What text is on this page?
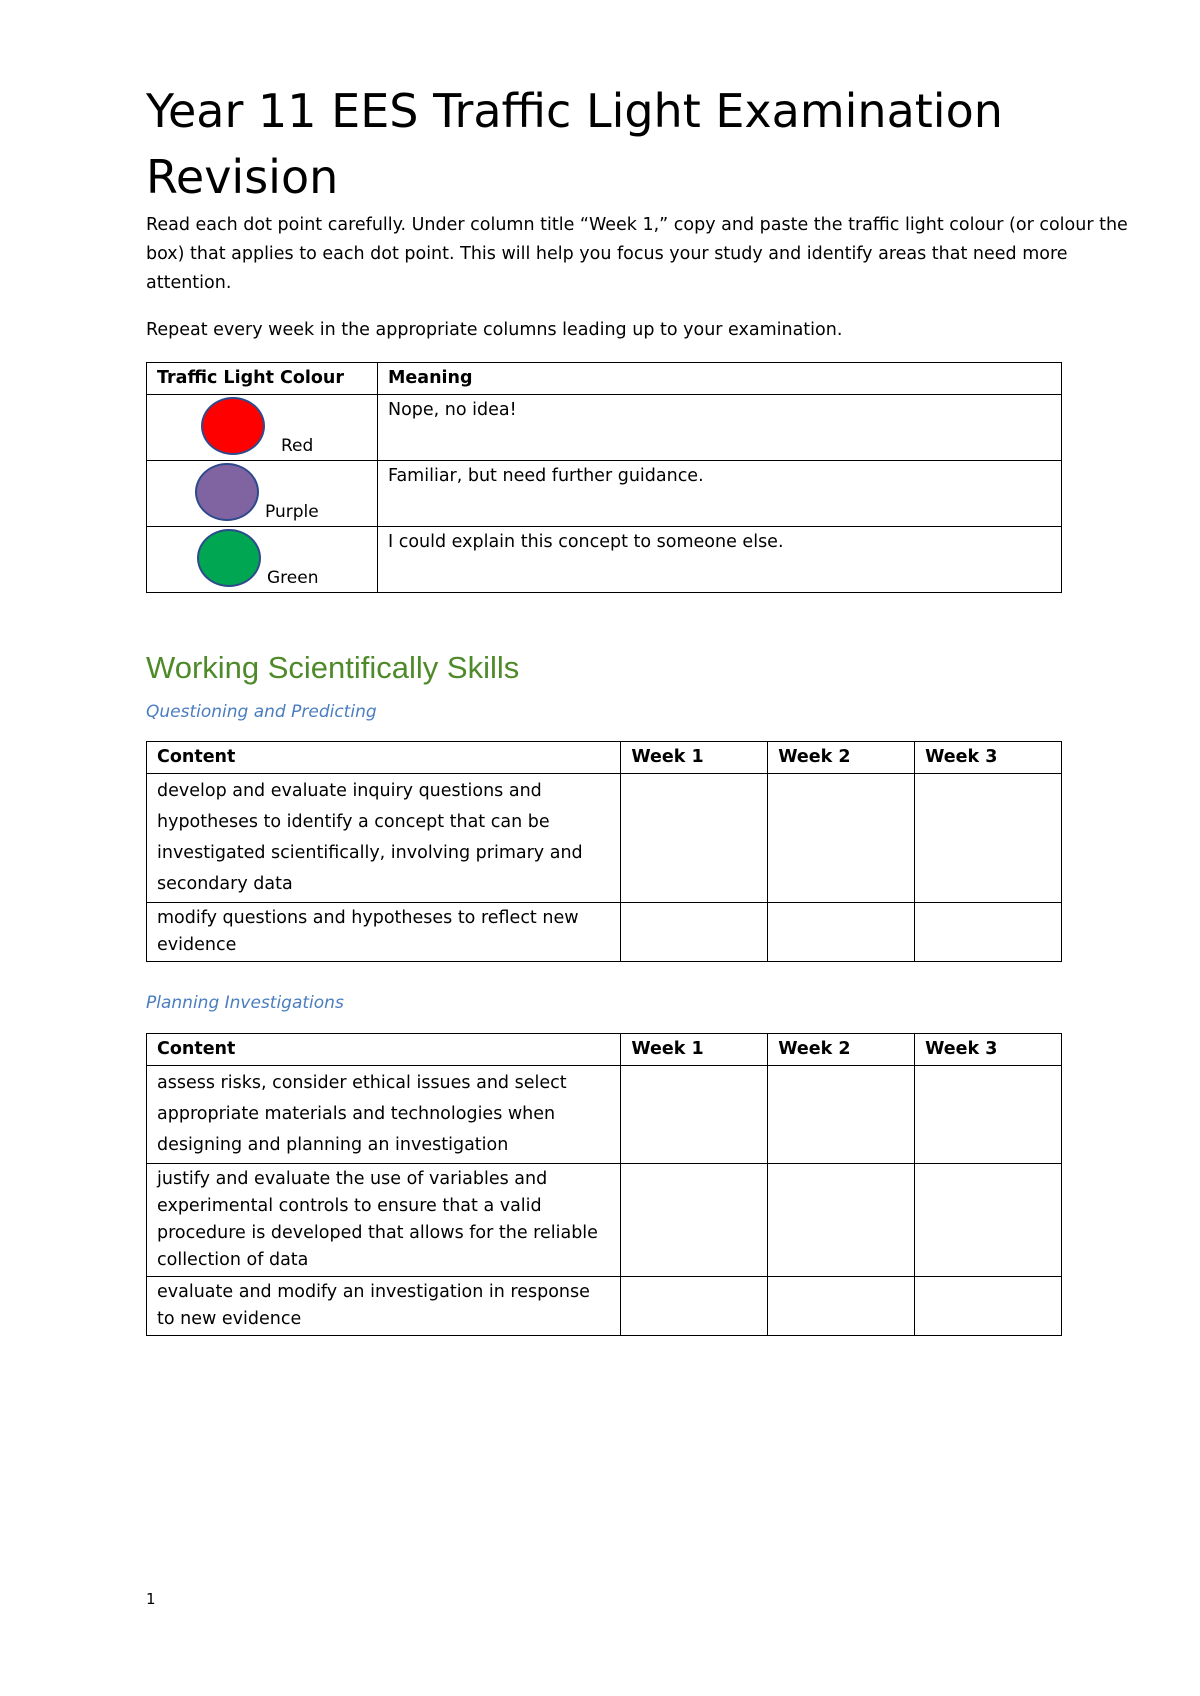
Year 11 EES Traffic Light Examination Revision

Read each dot point carefully. Under column title “Week 1,” copy and paste the traffic light colour (or colour the box) that applies to each dot point. This will help you focus your study and identify areas that need more attention.

Repeat every week in the appropriate columns leading up to your examination.

Traffic Light Colour	Meaning

Red	Nope, no idea!

Purple	Familiar, but need further guidance.

Green	I could explain this concept to someone else.
Working Scientifically Skills
Questioning and Predicting
Content	Week 1	Week 2	Week 3
develop and evaluate inquiry questions and hypotheses to identify a concept that can be investigated scientifically, involving primary and secondary data			
modify questions and hypotheses to reflect new evidence			
Planning Investigations
Content	Week 1	Week 2	Week 3
assess risks, consider ethical issues and select appropriate materials and technologies when designing and planning an investigation			
justify and evaluate the use of variables and experimental controls to ensure that a valid procedure is developed that allows for the reliable collection of data			
evaluate and modify an investigation in response to new evidence			
1
